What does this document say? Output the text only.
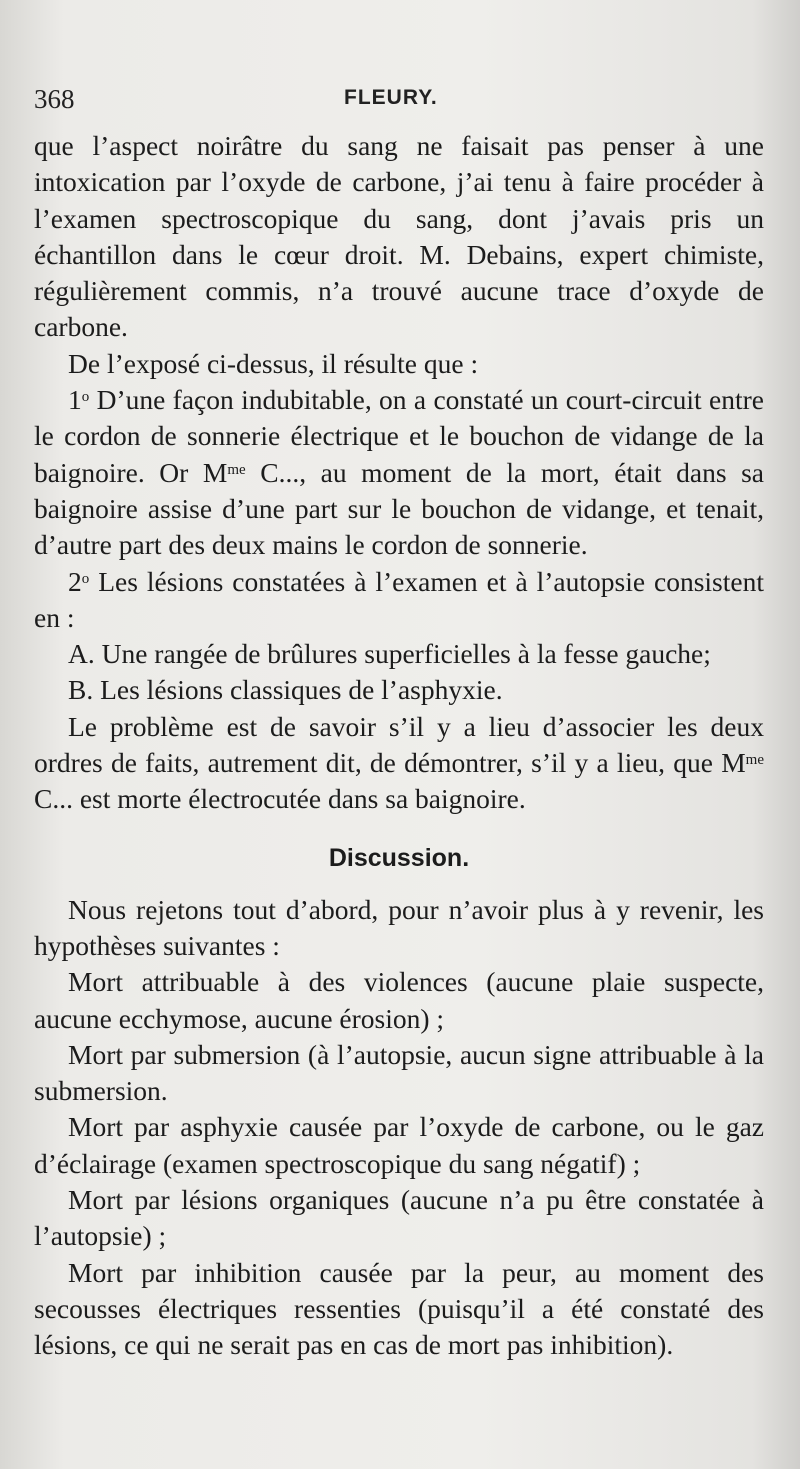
368	FLEURY.

que l’aspect noirâtre du sang ne faisait pas penser à une intoxication par l’oxyde de carbone, j’ai tenu à faire procéder à l’examen spectroscopique du sang, dont j’avais pris un échantillon dans le cœur droit. M. Debains, expert chimiste, régulièrement commis, n’a trouvé aucune trace d’oxyde de carbone.

De l’exposé ci-dessus, il résulte que :

1$^o$ D’une façon indubitable, on a constaté un court-circuit entre le cordon de sonnerie électrique et le bouchon de vidange de la baignoire. Or $M^{me}$ C..., au moment de la mort, était dans sa baignoire assise d’une part sur le bouchon de vidange, et tenait, d’autre part des deux mains le cordon de sonnerie.

2$^o$ Les lésions constatées à l’examen et à l’autopsie consistent en :

A. Une rangée de brûlures superficielles à la fesse gauche;

B. Les lésions classiques de l’asphyxie.

Le problème est de savoir s’il y a lieu d’associer les deux ordres de faits, autrement dit, de démontrer, s’il y a lieu, que $M^{me}$ C... est morte électrocutée dans sa baignoire.

Discussion.

Nous rejetons tout d’abord, pour n’avoir plus à y revenir, les hypothèses suivantes :

Mort attribuable à des violences (aucune plaie suspecte, aucune ecchymose, aucune érosion) ;

Mort par submersion (à l’autopsie, aucun signe attribuable à la submersion.

Mort par asphyxie causée par l’oxyde de carbone, ou le gaz d’éclairage (examen spectroscopique du sang négatif) ;

Mort par lésions organiques (aucune n’a pu être constatée à l’autopsie) ;

Mort par inhibition causée par la peur, au moment des secousses électriques ressenties (puisqu’il a été constaté des lésions, ce qui ne serait pas en cas de mort pas inhibition).
